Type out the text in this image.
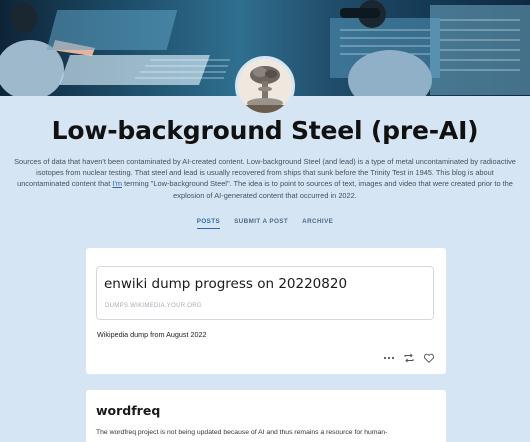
Low-background Steel (pre-AI)

Sources of data that haven't been contaminated by AI-created content. Low-background Steel (and lead) is a type of metal uncontaminated by radioactive isotopes from nuclear testing. That steel and lead is usually recovered from ships that sunk before the Trinity Test in 1945. This blog is about uncontaminated content that I'm terming "Low-background Steel". The idea is to point to sources of text, images and video that were created prior to the explosion of AI-generated content that occurred in 2022.

POSTS SUBMIT A POST ARCHIVE
enwiki dump progress on 20220820
DUMPS.WIKIMEDIA.YOUR.ORG

Wikipedia dump from August 2022

wordfreq

The wordfreq project is not being updated because of AI and thus remains a resource for human-
